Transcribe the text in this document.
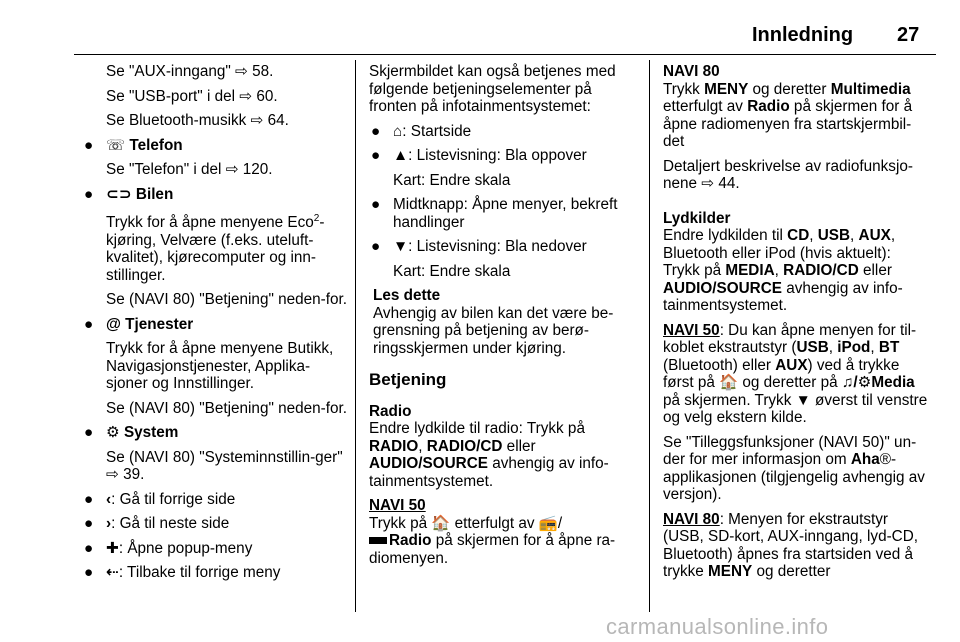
Innledning 27

Se "AUX-inngang" ⇨ 58.

Se "USB-port" i del ⇨ 60.

Se Bluetooth-musikk ⇨ 64.

● ☏ Telefon

Se "Telefon" i del ⇨ 120.

● ⊂⊃ Bilen

Trykk for å åpne menyene Eco$^2$-kjøring, Velvære (f.eks. uteluft-kvalitet), kjørecomputer og inn-stillinger.

Se (NAVI 80) "Betjening" neden-for.

● @ Tjenester

Trykk for å åpne menyene Butikk, Navigasjonstjenester, Applika-sjoner og Innstillinger.

Se (NAVI 80) "Betjening" neden-for.

● ⚙ System

Se (NAVI 80) "Systeminnstillin-ger" ⇨ 39.

● ‹: Gå til forrige side
● ›: Gå til neste side
● ✚: Åpne popup-meny
● ⇠: Tilbake til forrige meny

Skjermbildet kan også betjenes med følgende betjeningselementer på fronten på infotainmentsystemet:

● ⌂: Startside
● ▲: Listevisning: Bla oppover

Kart: Endre skala

● Midtknapp: Åpne menyer, bekreft handlinger
● ▼: Listevisning: Bla nedover

Kart: Endre skala

Les dette

Avhengig av bilen kan det være be-grensning på betjening av berø-ringsskjermen under kjøring.

Betjening
Radio

Endre lydkilde til radio: Trykk på
RADIO, RADIO/CD eller
AUDIO/SOURCE avhengig av info-tainmentsystemet.

NAVI 50

Trykk på 🏠 etterfulgt av 📻/
Radio på skjermen for å åpne ra-diomenyen.

NAVI 80

Trykk MENY og deretter Multimedia etterfulgt av Radio på skjermen for å åpne radiomenyen fra startskjermbil-det

Detaljert beskrivelse av radiofunksjo-nene ⇨ 44.

Lydkilder

Endre lydkilden til CD, USB, AUX,
Bluetooth eller iPod (hvis aktuelt): Trykk på MEDIA, RADIO/CD eller
AUDIO/SOURCE avhengig av info-tainmentsystemet.

NAVI 50: Du kan åpne menyen for til-koblet ekstrautstyr (USB, iPod, BT (Bluetooth) eller AUX) ved å trykke først på 🏠 og deretter på ♫/⚙Media på skjermen. Trykk ▼ øverst til venstre og velg ekstern kilde.

Se "Tilleggsfunksjoner (NAVI 50)" un-der for mer informasjon om Aha®-applikasjonen (tilgjengelig avhengig av versjon).

NAVI 80: Menyen for ekstrautstyr (USB, SD-kort, AUX-inngang, lyd-CD, Bluetooth) åpnes fra startsiden ved å trykke MENY og deretter

carmanualsonline.info
